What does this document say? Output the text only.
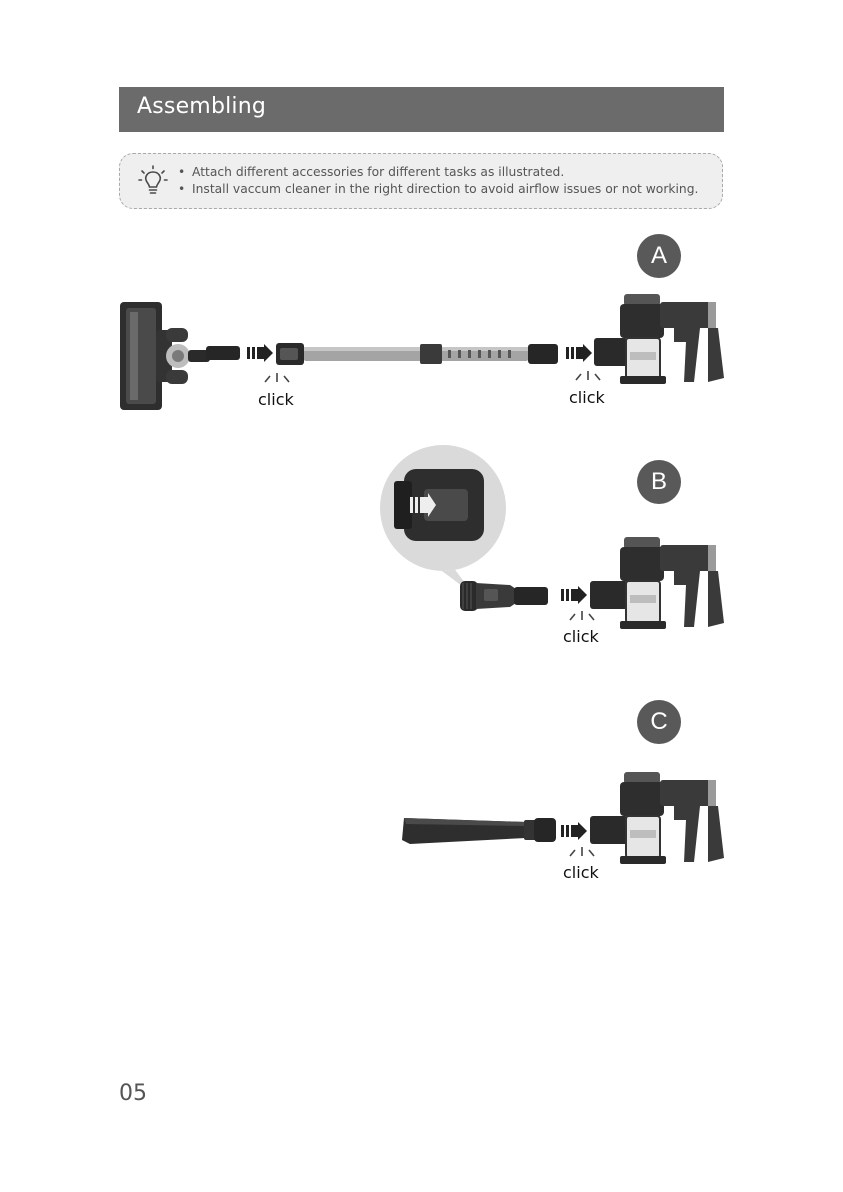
Assembling
• Attach different accessories for different tasks as illustrated.
• Install vaccum cleaner in the right direction to avoid airflow issues or not working.
A
click	click
B
click
C
click
05
